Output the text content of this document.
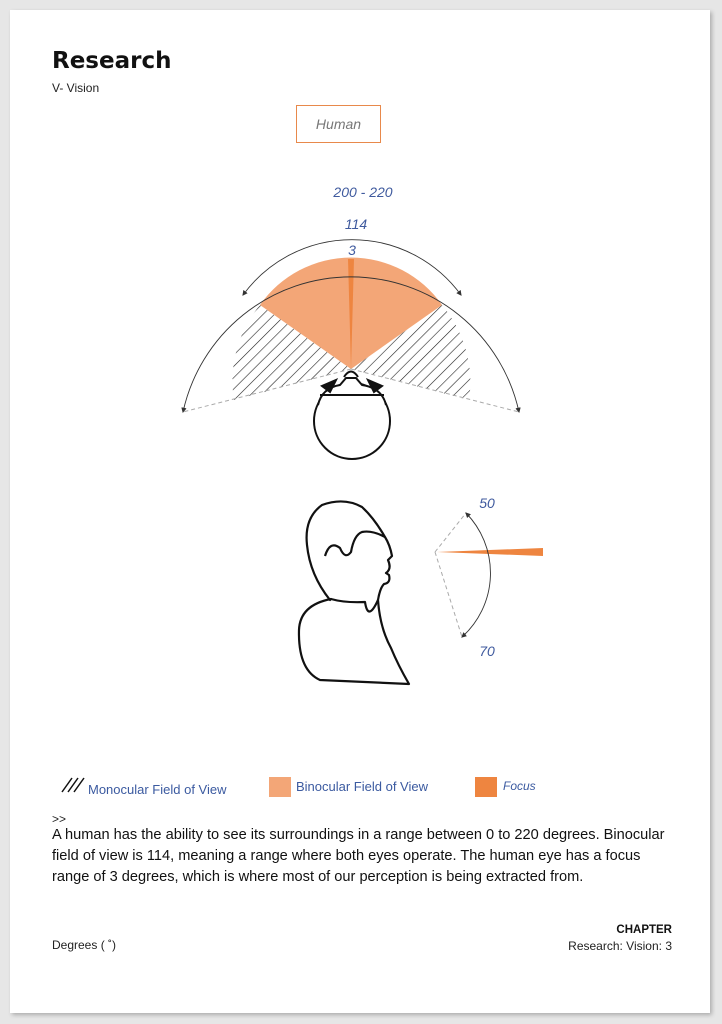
Research
V- Vision
Human
200 - 220
114
3
50
70
Monocular Field of View	Binocular Field of View	Focus
>>

A human has the ability to see its surroundings in a range between 0 to 220 degrees. Binocular field of view is 114, meaning a range where both eyes operate. The human eye has a focus range of 3 degrees, which is where most of our perception is being extracted from.

Degrees ( ˚)
CHAPTER
Research: Vision: 3
